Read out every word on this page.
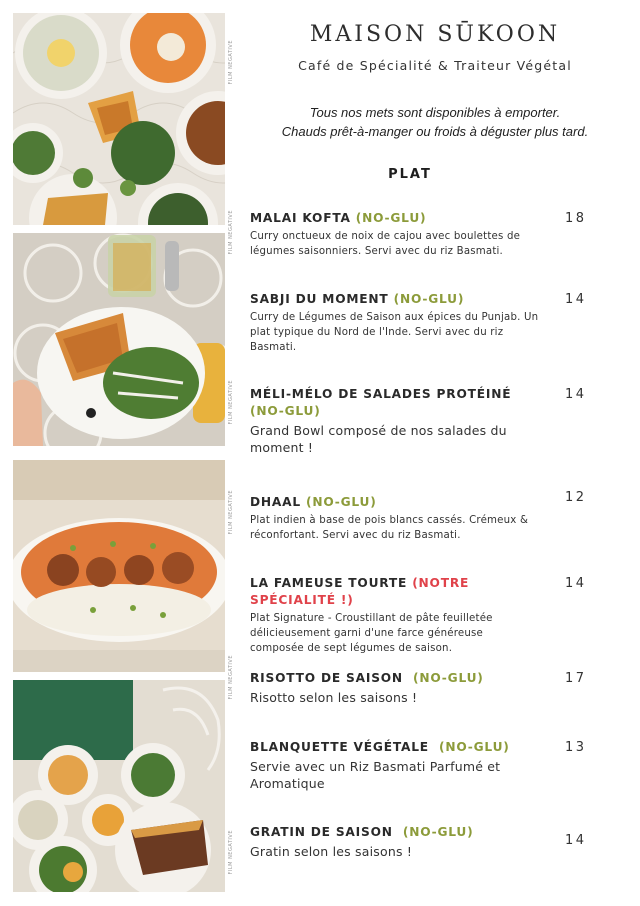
FILM NEGATIVE
FILM NEGATIVE
FILM NEGATIVE
FILM NEGATIVE
FILM NEGATIVE
FILM NEGATIVE
MAISON SŪKOON
Café de Spécialité & Traiteur Végétal
Tous nos mets sont disponibles à emporter.
Chauds prêt-à-manger ou froids à déguster plus tard.
PLAT
MALAI KOFTA (NO-GLU)
Curry onctueux de noix de cajou avec boulettes de légumes saisonniers. Servi avec du riz Basmati.
18
SABJI DU MOMENT (NO-GLU)
Curry de Légumes de Saison aux épices du Punjab. Un plat typique du Nord de l'Inde. Servi avec du riz Basmati.
14
MÉLI-MÉLO DE SALADES PROTÉINÉ (NO-GLU)
Grand Bowl composé de nos salades du moment !
14
DHAAL (NO-GLU)
Plat indien à base de pois blancs cassés. Crémeux & réconfortant. Servi avec du riz Basmati.
12
LA FAMEUSE TOURTE (NOTRE SPÉCIALITÉ !)
Plat Signature - Croustillant de pâte feuilletée délicieusement garni d'une farce généreuse composée de sept légumes de saison.
14
RISOTTO DE SAISON (NO-GLU)
Risotto selon les saisons !
17
BLANQUETTE VÉGÉTALE (NO-GLU)
Servie avec un Riz Basmati Parfumé et Aromatique
13
GRATIN DE SAISON (NO-GLU)
Gratin selon les saisons !
14
